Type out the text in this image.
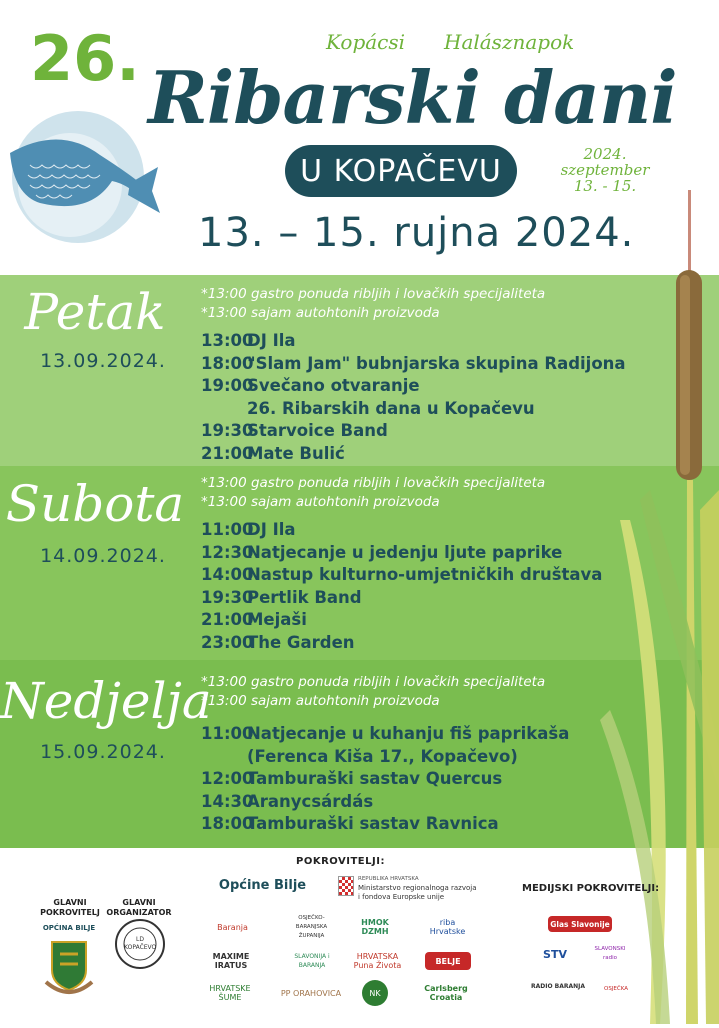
26.	Kopácsi Halásznapok
Ribarski dani
U KOPAČEVU	2024.
szeptember
13. - 15.
13. – 15. rujna 2024.
Petak
13.09.2024.
*13:00 gastro ponuda ribljih i lovačkih specijaliteta
*13:00 sajam autohtonih proizvoda
13:00DJ Ila
18:00"Slam Jam" bubnjarska skupina Radijona
19:00Svečano otvaranje
26. Ribarskih dana u Kopačevu
19:30Starvoice Band
21:00Mate Bulić
Subota
14.09.2024.
*13:00 gastro ponuda ribljih i lovačkih specijaliteta
*13:00 sajam autohtonih proizvoda
11:00DJ Ila
12:30Natjecanje u jedenju ljute paprike
14:00Nastup kulturno-umjetničkih društava
19:30Pertlik Band
21:00Mejaši
23:00The Garden
Nedjelja
15.09.2024.
*13:00 gastro ponuda ribljih i lovačkih specijaliteta
*13:00 sajam autohtonih proizvoda
11:00Natjecanje u kuhanju fiš paprikaša
(Ferenca Kiša 17., Kopačevo)
12:00Tamburaški sastav Quercus
14:30Aranycsárdás
18:00Tamburaški sastav Ravnica
POKROVITELJI:
MEDIJSKI POKROVITELJI:
GLAVNI
POKROVITELJ
GLAVNI
ORGANIZATOR
OPĆINA BILJE
LD KOPAČEVO
Općine Bilje	REPUBLIKA HRVATSKA
Ministarstvo regionalnoga razvoja
i fondova Europske unije
Baranja
OSJEČKO-BARANJSKA ŽUPANIJA
HMOK DZMH
riba Hrvatske
MAXIME IRATUS
SLAVONIJA i BARANJA
HRVATSKA Puna Života	BELJE
HRVATSKE ŠUME	PP ORAHOVICA	NK	Carlsberg Croatia
Glas Slavonije
STV	SLAVONSKI radio
RADIO BARANJA	OSJEČKA
